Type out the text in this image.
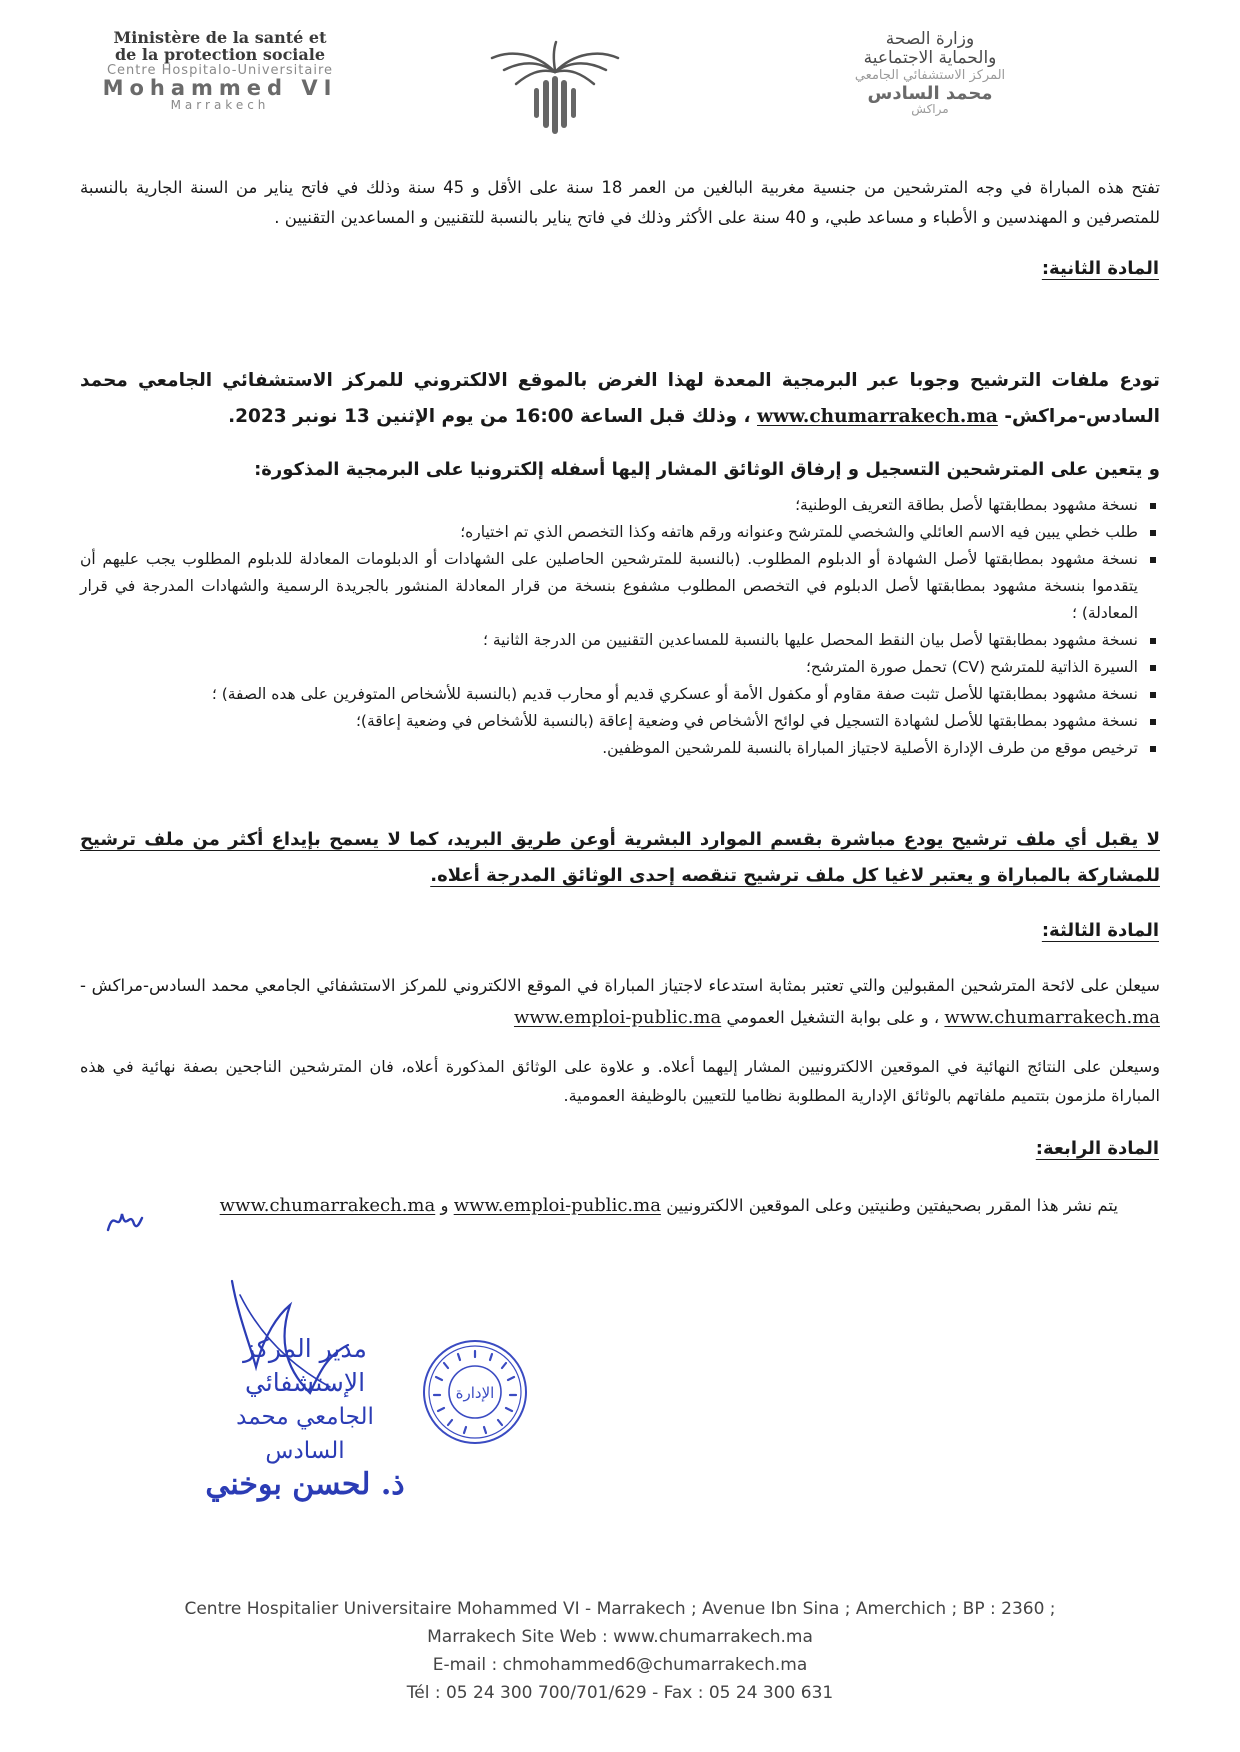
Ministère de la santé et
de la protection sociale
Centre Hospitalo-Universitaire
Mohammed VI
Marrakech
وزارة الصحة
والحماية الاجتماعية
المركز الاستشفائي الجامعي
محمد السادس
مراكش
تفتح هذه المباراة في وجه المترشحين من جنسية مغربية البالغين من العمر 18 سنة على الأقل و 45 سنة وذلك في فاتح يناير من السنة الجارية بالنسبة للمتصرفين و المهندسين و الأطباء و مساعد طبي، و 40 سنة على الأكثر وذلك في فاتح يناير بالنسبة للتقنيين و المساعدين التقنيين .
المادة الثانية:
تودع ملفات الترشيح وجوبا عبر البرمجية المعدة لهذا الغرض بالموقع الالكتروني للمركز الاستشفائي الجامعي محمد السادس-مراكش- www.chumarrakech.ma ، وذلك قبل الساعة 16:00 من يوم الإثنين 13 نونبر 2023.
و يتعين على المترشحين التسجيل و إرفاق الوثائق المشار إليها أسفله إلكترونيا على البرمجية المذكورة:
نسخة مشهود بمطابقتها لأصل بطاقة التعريف الوطنية؛
طلب خطي يبين فيه الاسم العائلي والشخصي للمترشح وعنوانه ورقم هاتفه وكذا التخصص الذي تم اختياره؛
نسخة مشهود بمطابقتها لأصل الشهادة أو الدبلوم المطلوب. (بالنسبة للمترشحين الحاصلين على الشهادات أو الدبلومات المعادلة للدبلوم المطلوب يجب عليهم أن يتقدموا بنسخة مشهود بمطابقتها لأصل الدبلوم في التخصص المطلوب مشفوع بنسخة من قرار المعادلة المنشور بالجريدة الرسمية والشهادات المدرجة في قرار المعادلة) ؛
نسخة مشهود بمطابقتها لأصل بيان النقط المحصل عليها بالنسبة للمساعدين التقنيين من الدرجة الثانية ؛
السيرة الذاتية للمترشح (CV) تحمل صورة المترشح؛
نسخة مشهود بمطابقتها للأصل تثبت صفة مقاوم أو مكفول الأمة أو عسكري قديم أو محارب قديم (بالنسبة للأشخاص المتوفرين على هده الصفة) ؛
نسخة مشهود بمطابقتها للأصل لشهادة التسجيل في لوائح الأشخاص في وضعية إعاقة (بالنسبة للأشخاص في وضعية إعاقة)؛
ترخيص موقع من طرف الإدارة الأصلية لاجتياز المباراة بالنسبة للمرشحين الموظفين.
لا يقبل أي ملف ترشيح يودع مباشرة بقسم الموارد البشرية أوعن طريق البريد، كما لا يسمح بإيداع أكثر من ملف ترشيح للمشاركة بالمباراة و يعتبر لاغيا كل ملف ترشيح تنقصه إحدى الوثائق المدرجة أعلاه.
المادة الثالثة:
سيعلن على لائحة المترشحين المقبولين والتي تعتبر بمثابة استدعاء لاجتياز المباراة في الموقع الالكتروني للمركز الاستشفائي الجامعي محمد السادس-مراكش - www.chumarrakech.ma ، و على بوابة التشغيل العمومي www.emploi-public.ma
وسيعلن على النتائج النهائية في الموقعين الالكترونيين المشار إليهما أعلاه. و علاوة على الوثائق المذكورة أعلاه، فان المترشحين الناجحين بصفة نهائية في هذه المباراة ملزمون بتتميم ملفاتهم بالوثائق الإدارية المطلوبة نظاميا للتعيين بالوظيفة العمومية.
المادة الرابعة:
يتم نشر هذا المقرر بصحيفتين وطنيتين وعلى الموقعين الالكترونيين www.emploi-public.ma و www.chumarrakech.ma
مدير المركز الإستشفائي
الجامعي محمد السادس
ذ. لحسن بوخني
الإدارة
Centre Hospitalier Universitaire Mohammed VI - Marrakech ; Avenue Ibn Sina ; Amerchich ; BP : 2360 ;
Marrakech Site Web : www.chumarrakech.ma
E-mail : chmohammed6@chumarrakech.ma
Tél : 05 24 300 700/701/629 - Fax : 05 24 300 631
